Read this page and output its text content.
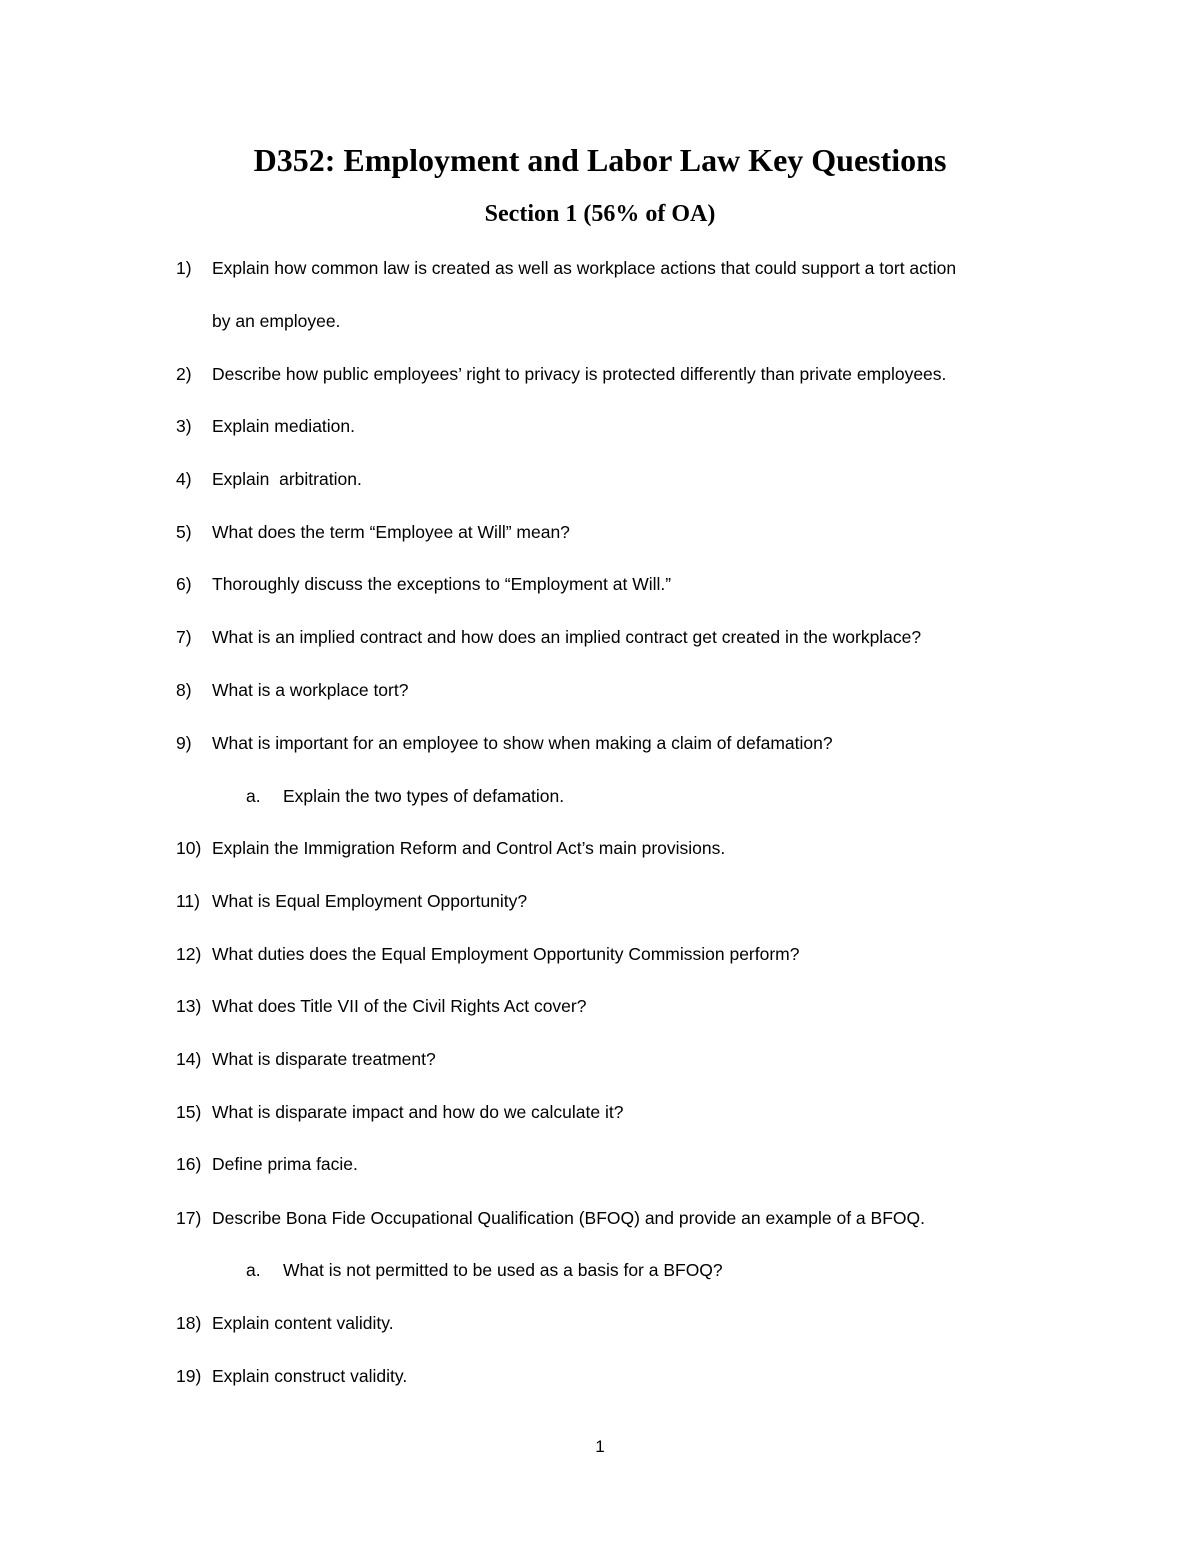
D352: Employment and Labor Law Key Questions
Section 1 (56% of OA)
1) Explain how common law is created as well as workplace actions that could support a tort action
by an employee.
2) Describe how public employees’ right to privacy is protected differently than private employees.
3) Explain mediation.
4) Explain  arbitration.
5) What does the term “Employee at Will” mean?
6) Thoroughly discuss the exceptions to “Employment at Will.”
7) What is an implied contract and how does an implied contract get created in the workplace?
8) What is a workplace tort?
9) What is important for an employee to show when making a claim of defamation?
a. Explain the two types of defamation.
10) Explain the Immigration Reform and Control Act’s main provisions.
11) What is Equal Employment Opportunity?
12) What duties does the Equal Employment Opportunity Commission perform?
13) What does Title VII of the Civil Rights Act cover?
14) What is disparate treatment?
15) What is disparate impact and how do we calculate it?
16) Define prima facie.
17) Describe Bona Fide Occupational Qualification (BFOQ) and provide an example of a BFOQ.
a. What is not permitted to be used as a basis for a BFOQ?
18) Explain content validity.
19) Explain construct validity.
1
